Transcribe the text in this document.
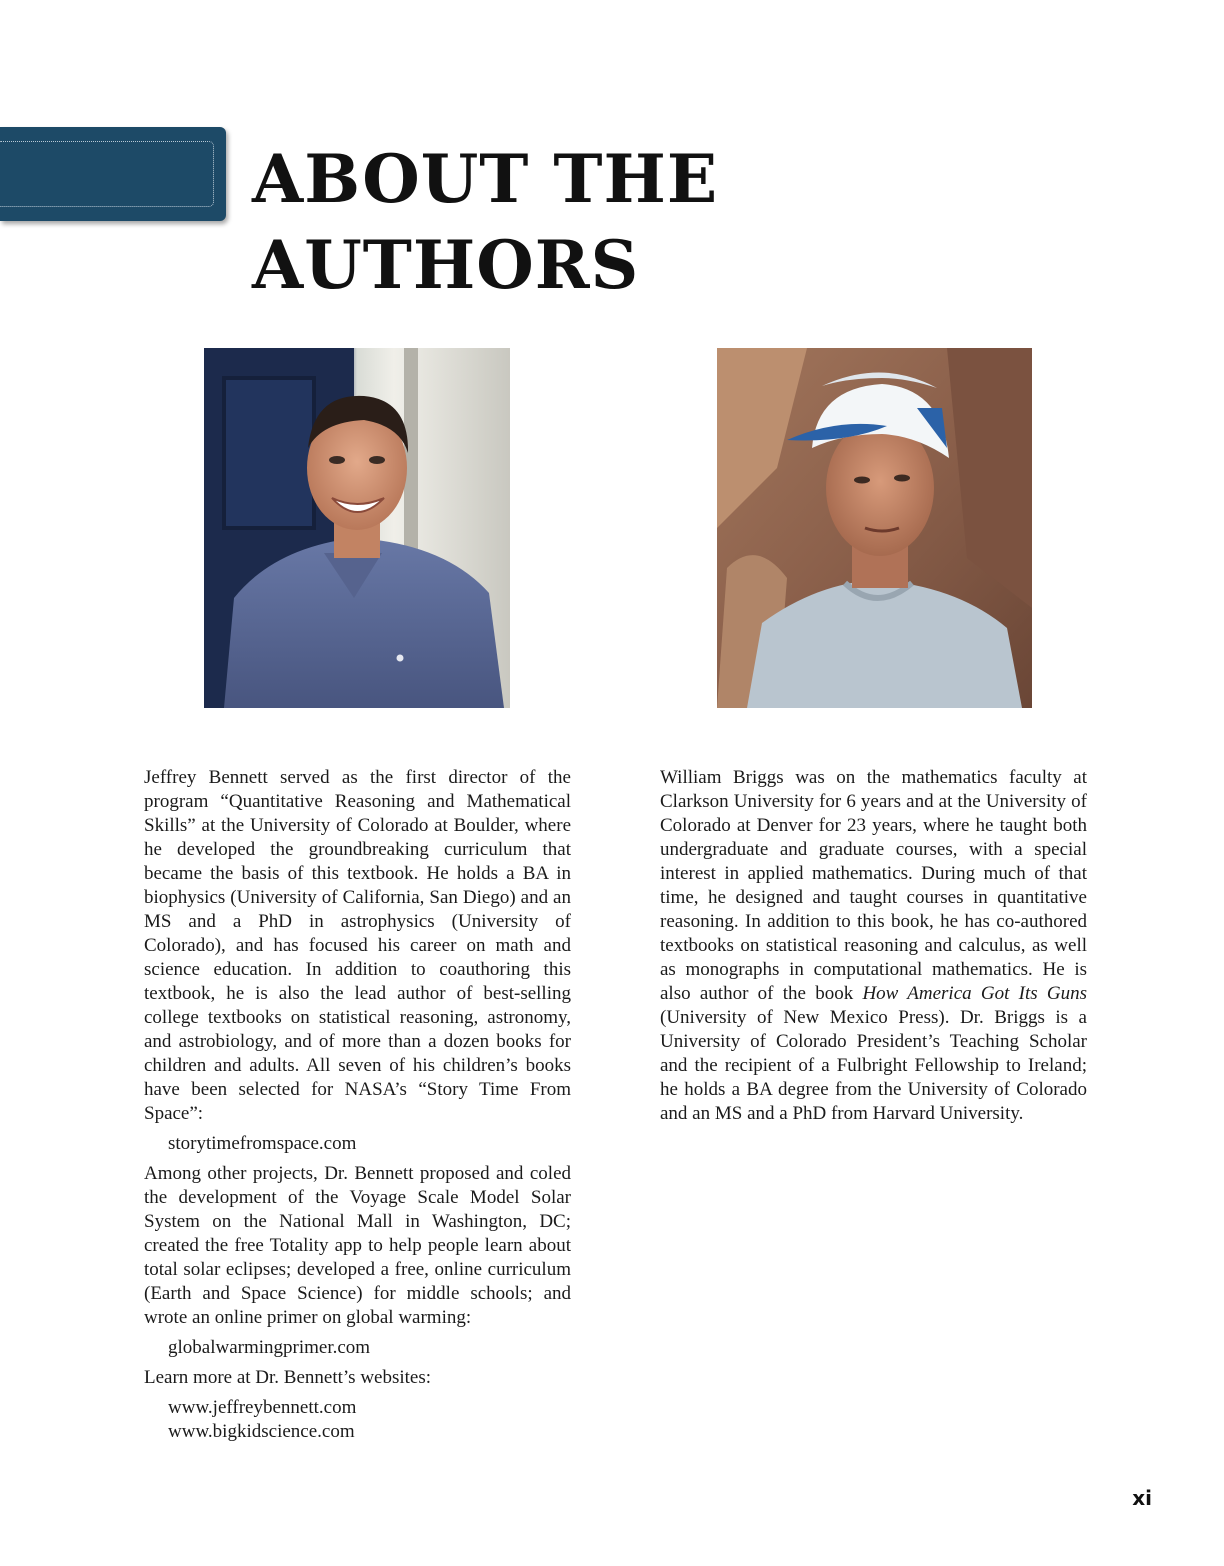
ABOUT THE
AUTHORS

Jeffrey Bennett served as the first director of the program “Quantitative Reasoning and Mathematical Skills” at the University of Colorado at Boulder, where he developed the groundbreaking curriculum that became the basis of this textbook. He holds a BA in biophysics (University of California, San Diego) and an MS and a PhD in astrophysics (University of Colorado), and has focused his career on math and science education. In addition to coauthoring this textbook, he is also the lead author of best-selling college textbooks on statistical reasoning, astronomy, and astrobiology, and of more than a dozen books for children and adults. All seven of his children’s books have been selected for NASA’s “Story Time From Space”:

storytimefromspace.com

Among other projects, Dr. Bennett proposed and coled the development of the Voyage Scale Model Solar System on the National Mall in Washington, DC; created the free Totality app to help people learn about total solar eclipses; developed a free, online curriculum (Earth and Space Science) for middle schools; and wrote an online primer on global warming:

globalwarmingprimer.com

Learn more at Dr. Bennett’s websites:

www.jeffreybennett.com
www.bigkidscience.com

William Briggs was on the mathematics faculty at Clarkson University for 6 years and at the University of Colorado at Denver for 23 years, where he taught both undergraduate and graduate courses, with a special interest in applied mathematics. During much of that time, he designed and taught courses in quantitative reasoning. In addition to this book, he has co-authored textbooks on statistical reasoning and calculus, as well as monographs in computational mathematics. He is also author of the book How America Got Its Guns (University of New Mexico Press). Dr. Briggs is a University of Colorado President’s Teaching Scholar and the recipient of a Fulbright Fellowship to Ireland; he holds a BA degree from the University of Colorado and an MS and a PhD from Harvard University.

xi
